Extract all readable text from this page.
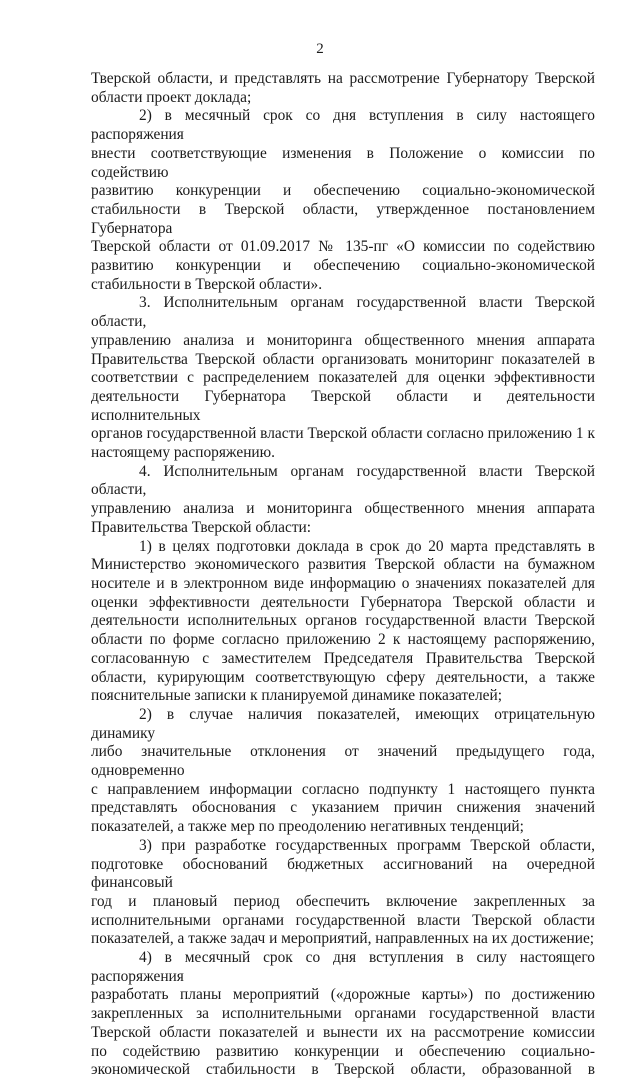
2

Тверской области, и представлять на рассмотрение Губернатору Тверской
области проект доклада;

2) в месячный срок со дня вступления в силу настоящего распоряжения
внести соответствующие изменения в Положение о комиссии по содействию
развитию конкуренции и обеспечению социально-экономической
стабильности в Тверской области, утвержденное постановлением Губернатора
Тверской области от 01.09.2017 № 135-пг «О комиссии по содействию
развитию конкуренции и обеспечению социально-экономической
стабильности в Тверской области».

3. Исполнительным органам государственной власти Тверской области,
управлению анализа и мониторинга общественного мнения аппарата
Правительства Тверской области организовать мониторинг показателей в
соответствии с распределением показателей для оценки эффективности
деятельности Губернатора Тверской области и деятельности исполнительных
органов государственной власти Тверской области согласно приложению 1 к
настоящему распоряжению.

4. Исполнительным органам государственной власти Тверской области,
управлению анализа и мониторинга общественного мнения аппарата
Правительства Тверской области:

1) в целях подготовки доклада в срок до 20 марта представлять в
Министерство экономического развития Тверской области на бумажном
носителе и в электронном виде информацию о значениях показателей для
оценки эффективности деятельности Губернатора Тверской области и
деятельности исполнительных органов государственной власти Тверской
области по форме согласно приложению 2 к настоящему распоряжению,
согласованную с заместителем Председателя Правительства Тверской
области, курирующим соответствующую сферу деятельности, а также
пояснительные записки к планируемой динамике показателей;

2) в случае наличия показателей, имеющих отрицательную динамику
либо значительные отклонения от значений предыдущего года, одновременно
с направлением информации согласно подпункту 1 настоящего пункта
представлять обоснования с указанием причин снижения значений
показателей, а также мер по преодолению негативных тенденций;

3) при разработке государственных программ Тверской области,
подготовке обоснований бюджетных ассигнований на очередной финансовый
год и плановый период обеспечить включение закрепленных за
исполнительными органами государственной власти Тверской области
показателей, а также задач и мероприятий, направленных на их достижение;

4) в месячный срок со дня вступления в силу настоящего распоряжения
разработать планы мероприятий («дорожные карты») по достижению
закрепленных за исполнительными органами государственной власти
Тверской области показателей и вынести их на рассмотрение комиссии
по содействию развитию конкуренции и обеспечению социально-
экономической стабильности в Тверской области, образованной в
